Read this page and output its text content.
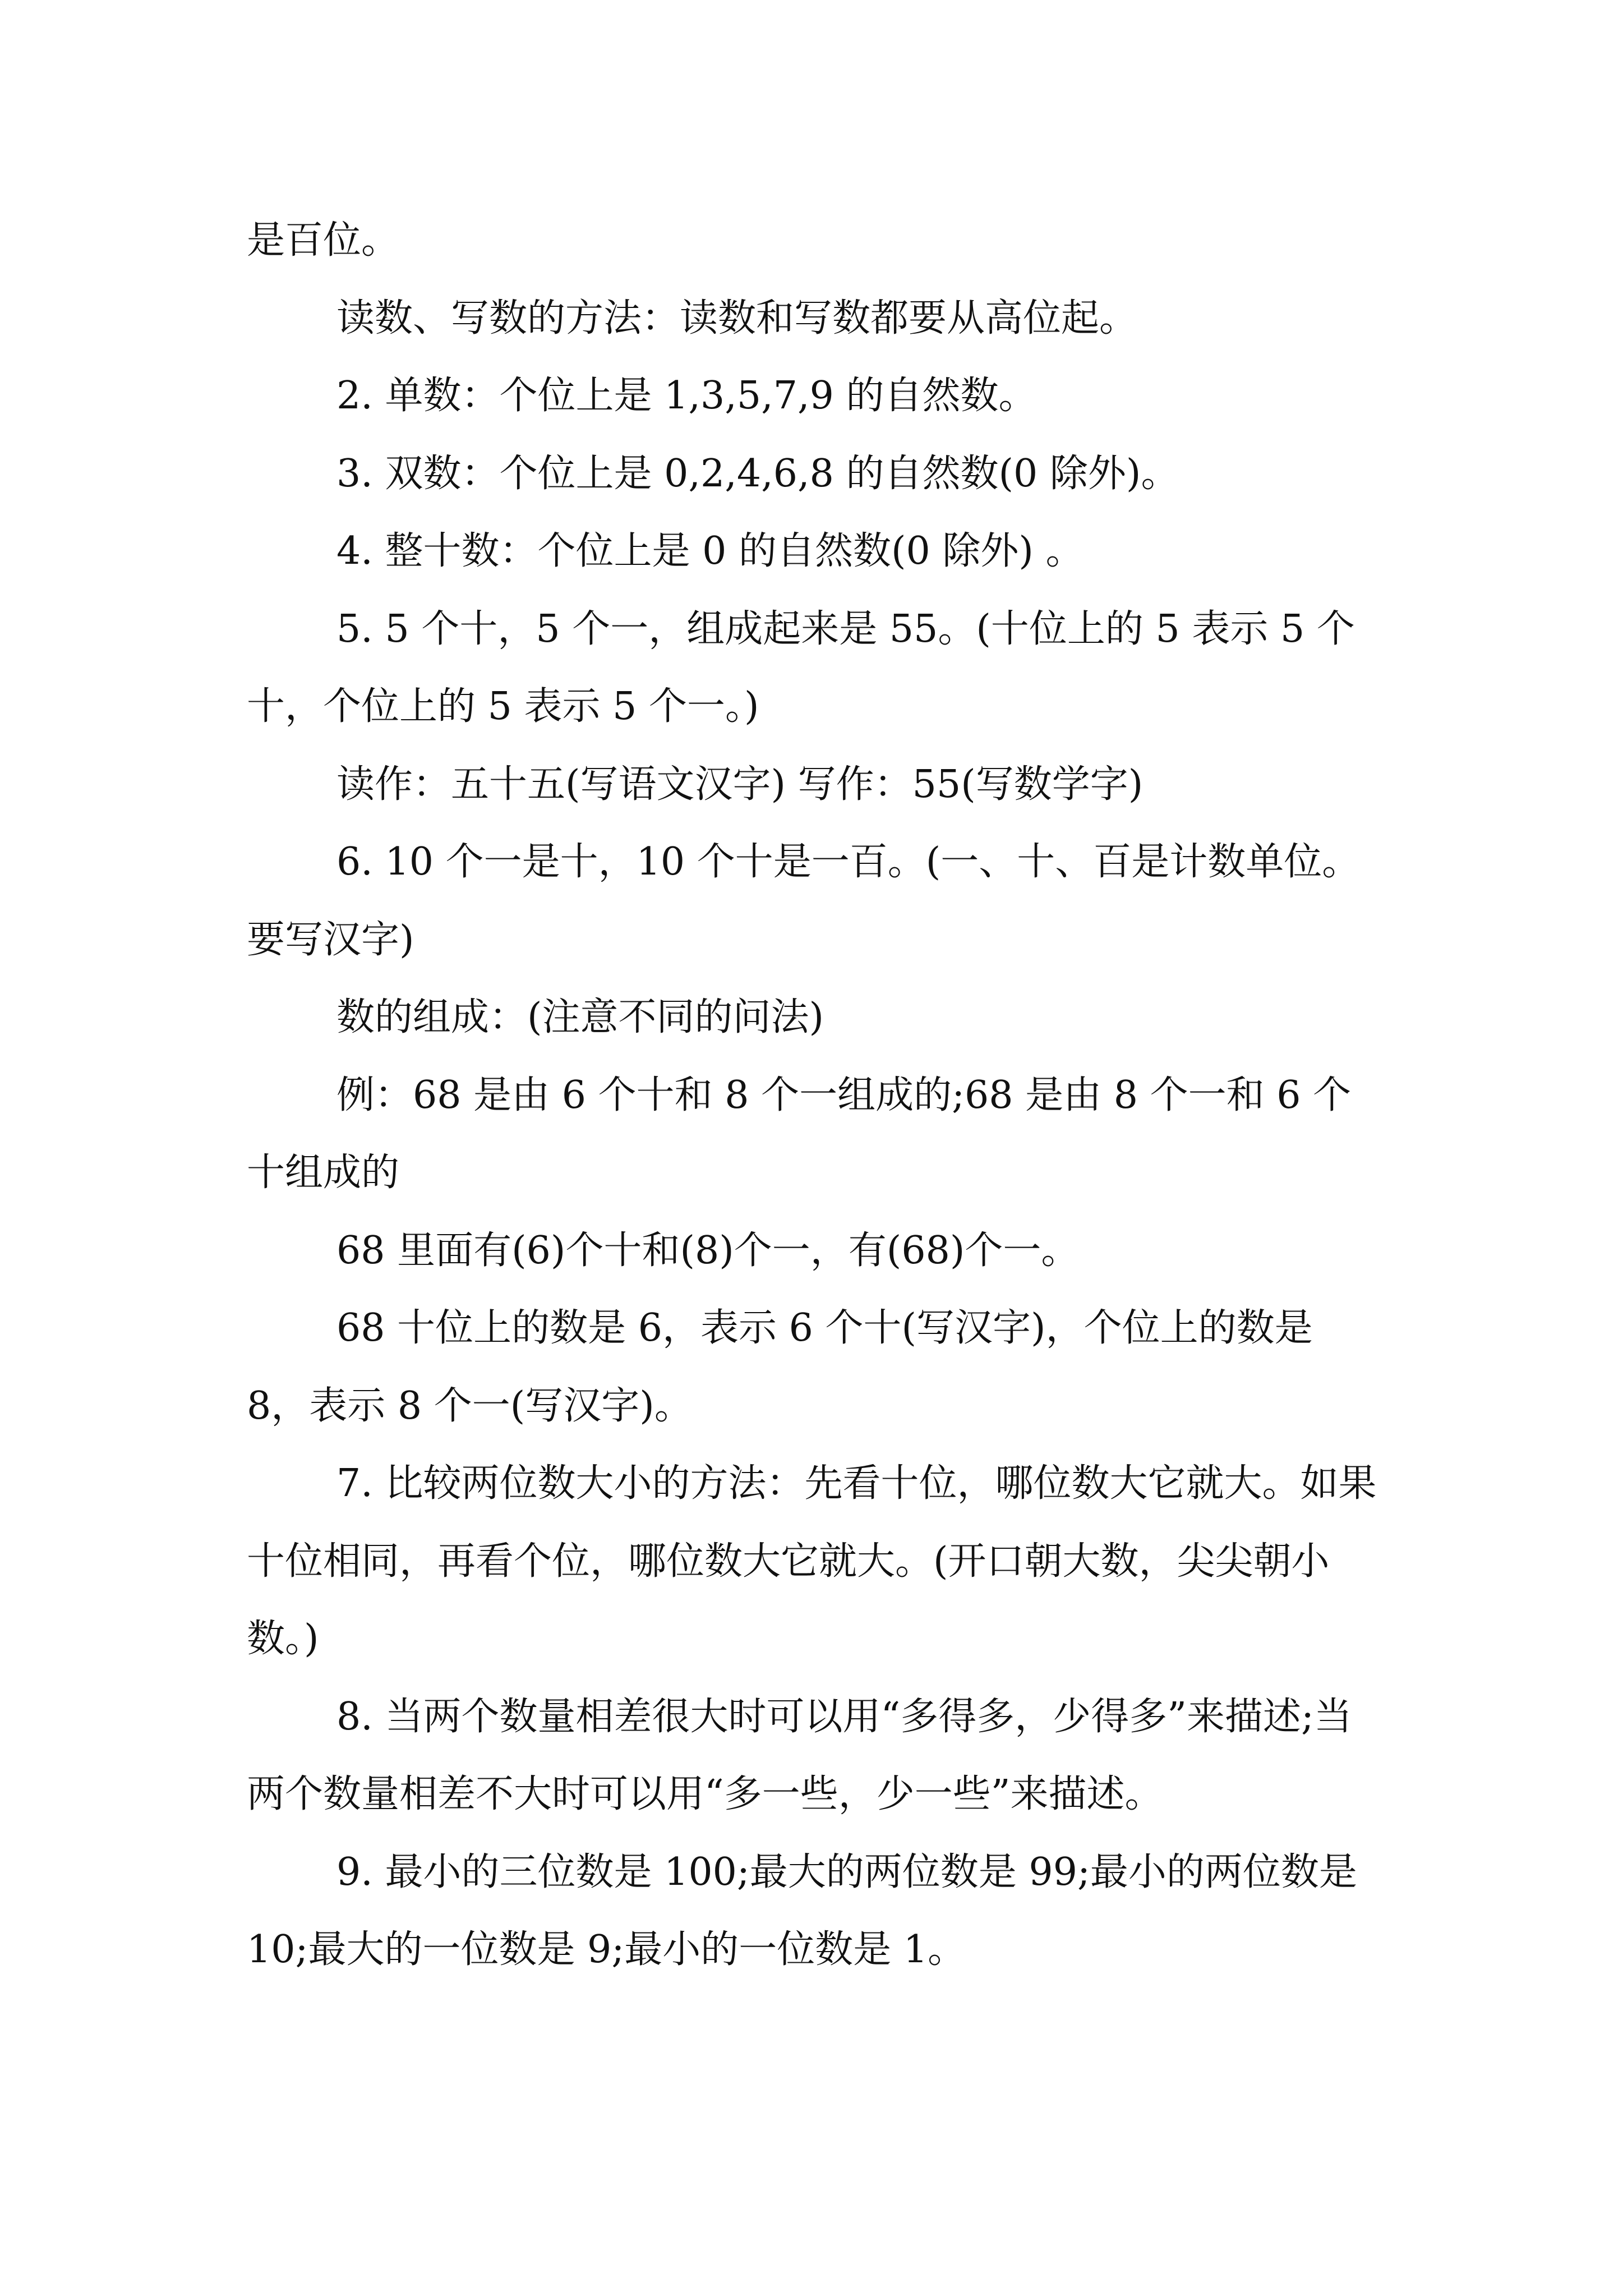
是百位。

读数、写数的方法：读数和写数都要从高位起。

2. 单数：个位上是 1,3,5,7,9 的自然数。

3. 双数：个位上是 0,2,4,6,8 的自然数(0 除外)。

4. 整十数：个位上是 0 的自然数(0 除外) 。

5. 5 个十，5 个一，组成起来是 55。(十位上的 5 表示 5 个十，个位上的 5 表示 5 个一。)

读作：五十五(写语文汉字) 写作：55(写数学字)

6. 10 个一是十，10 个十是一百。(一、十、百是计数单位。要写汉字)

数的组成：(注意不同的问法)

例：68 是由 6 个十和 8 个一组成的;68 是由 8 个一和 6 个十组成的

68 里面有(6)个十和(8)个一，有(68)个一。

68 十位上的数是 6，表示 6 个十(写汉字)，个位上的数是 8，表示 8 个一(写汉字)。

7. 比较两位数大小的方法：先看十位，哪位数大它就大。如果十位相同，再看个位，哪位数大它就大。(开口朝大数，尖尖朝小数。)

8. 当两个数量相差很大时可以用“多得多，少得多”来描述;当两个数量相差不大时可以用“多一些，少一些”来描述。

9. 最小的三位数是 100;最大的两位数是 99;最小的两位数是 10;最大的一位数是 9;最小的一位数是 1。
